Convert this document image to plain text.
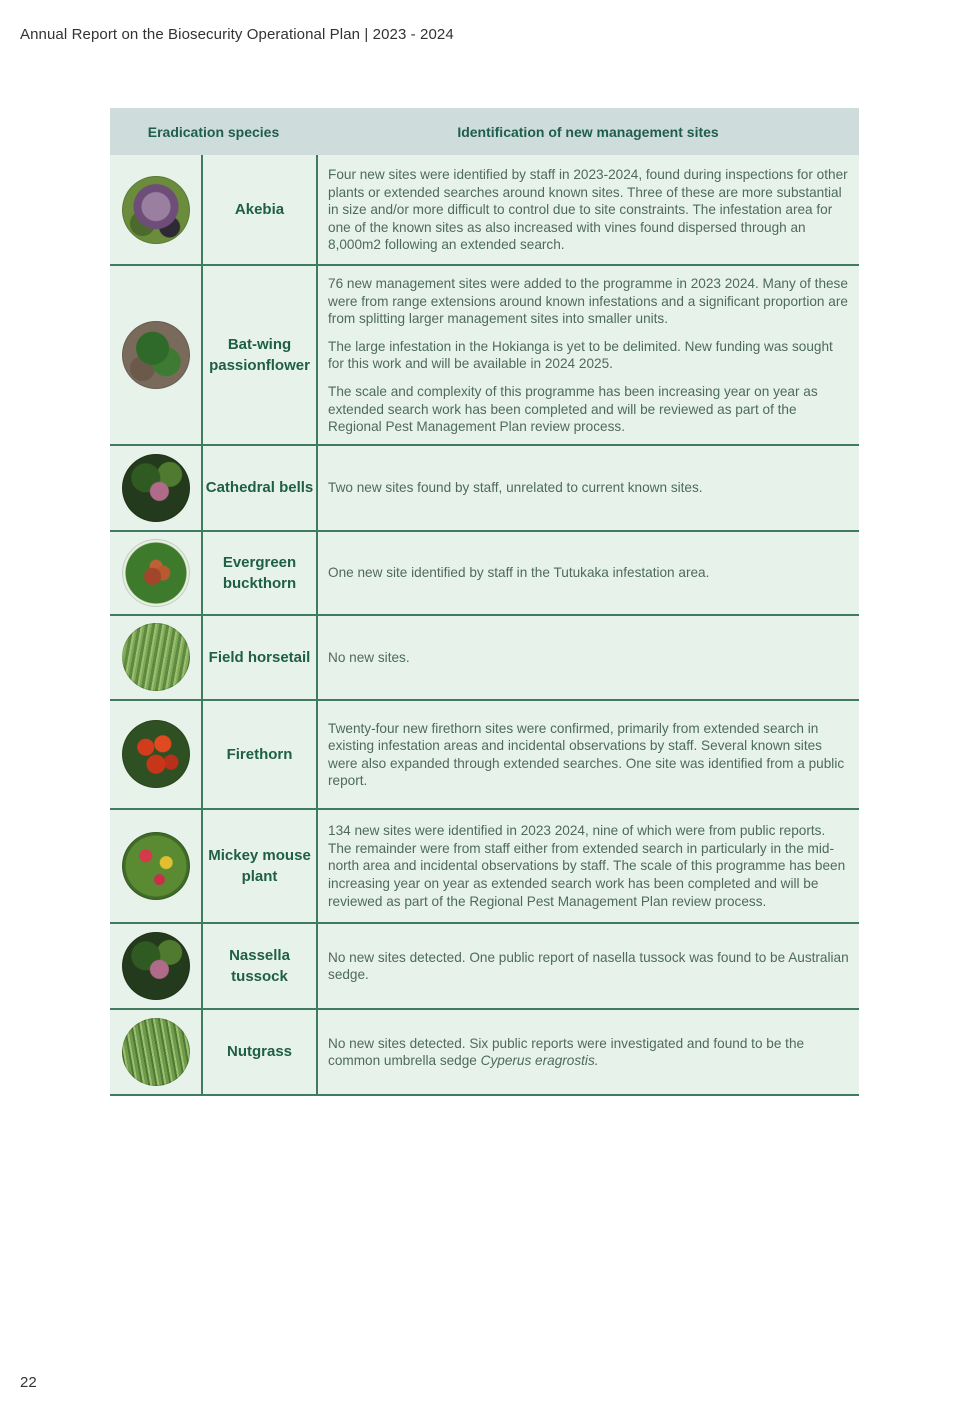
Annual Report on the Biosecurity Operational Plan | 2023 - 2024
Eradication species		Identification of new management sites
	Akebia	Four new sites were identified by staff in 2023-2024, found during inspections for other plants or extended searches around known sites. Three of these are more substantial in size and/or more difficult to control due to site constraints. The infestation area for one of the known sites as also increased with vines found dispersed through an 8,000m2 following an extended search.

	Bat-wing passionflower	76 new management sites were added to the programme in 2023 2024. Many of these were from range extensions around known infestations and a significant proportion are from splitting larger management sites into smaller units.

The large infestation in the Hokianga is yet to be delimited. New funding was sought for this work and will be available in 2024 2025.

The scale and complexity of this programme has been increasing year on year as extended search work has been completed and will be reviewed as part of the Regional Pest Management Plan review process.

	Cathedral bells	Two new sites found by staff, unrelated to current known sites.

	Evergreen buckthorn	One new site identified by staff in the Tutukaka infestation area.

	Field horsetail	No new sites.

	Firethorn	Twenty-four new firethorn sites were confirmed, primarily from extended search in existing infestation areas and incidental observations by staff. Several known sites were also expanded through extended searches. One site was identified from a public report.

	Mickey mouse plant	134 new sites were identified in 2023 2024, nine of which were from public reports. The remainder were from staff either from extended search in particularly in the mid-north area and incidental observations by staff. The scale of this programme has been increasing year on year as extended search work has been completed and will be reviewed as part of the Regional Pest Management Plan review process.

	Nassella tussock	No new sites detected. One public report of nasella tussock was found to be Australian sedge.

	Nutgrass	No new sites detected. Six public reports were investigated and found to be the common umbrella sedge Cyperus eragrostis.

22
